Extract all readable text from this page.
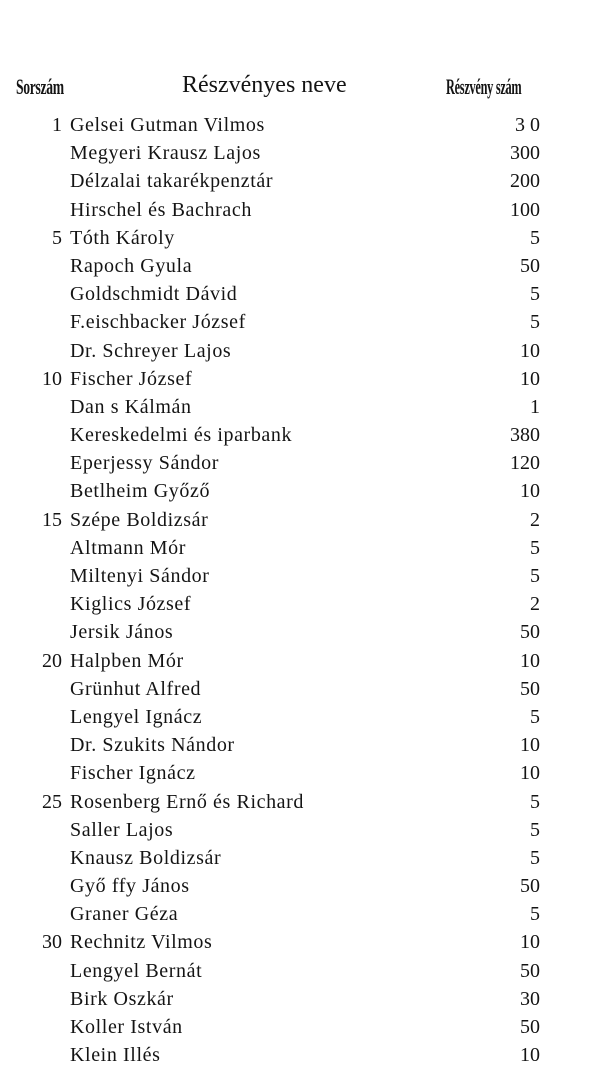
Sorszám	Részvényes neve	Részvény szám
1 Gelsei Gutman Vilmos	3 0
Megyeri Krausz Lajos	300
Délzalai takarékpenztár	200
Hirschel és Bachrach	100
5 Tóth Károly	5
Rapoch Gyula	50
Goldschmidt Dávid	5
F.eischbacker József	5
Dr. Schreyer Lajos	10
10 Fischer József	10
Dan s Kálmán	1
Kereskedelmi és iparbank	380
Eperjessy Sándor	120
Betlheim Győző	10
15 Szépe Boldizsár	2
Altmann Mór	5
Miltenyi Sándor	5
Kiglics József	2
Jersik János	50
20 Halpben Mór	10
Grünhut Alfred	50
Lengyel Ignácz	5
Dr. Szukits Nándor	10
Fischer Ignácz	10
25 Rosenberg Ernő és Richard	5
Saller Lajos	5
Knausz Boldizsár	5
Győ ffy János	50
Graner Géza	5
30 Rechnitz Vilmos	10
Lengyel Bernát	50
Birk Oszkár	30
Koller István	50
Klein Illés	10
